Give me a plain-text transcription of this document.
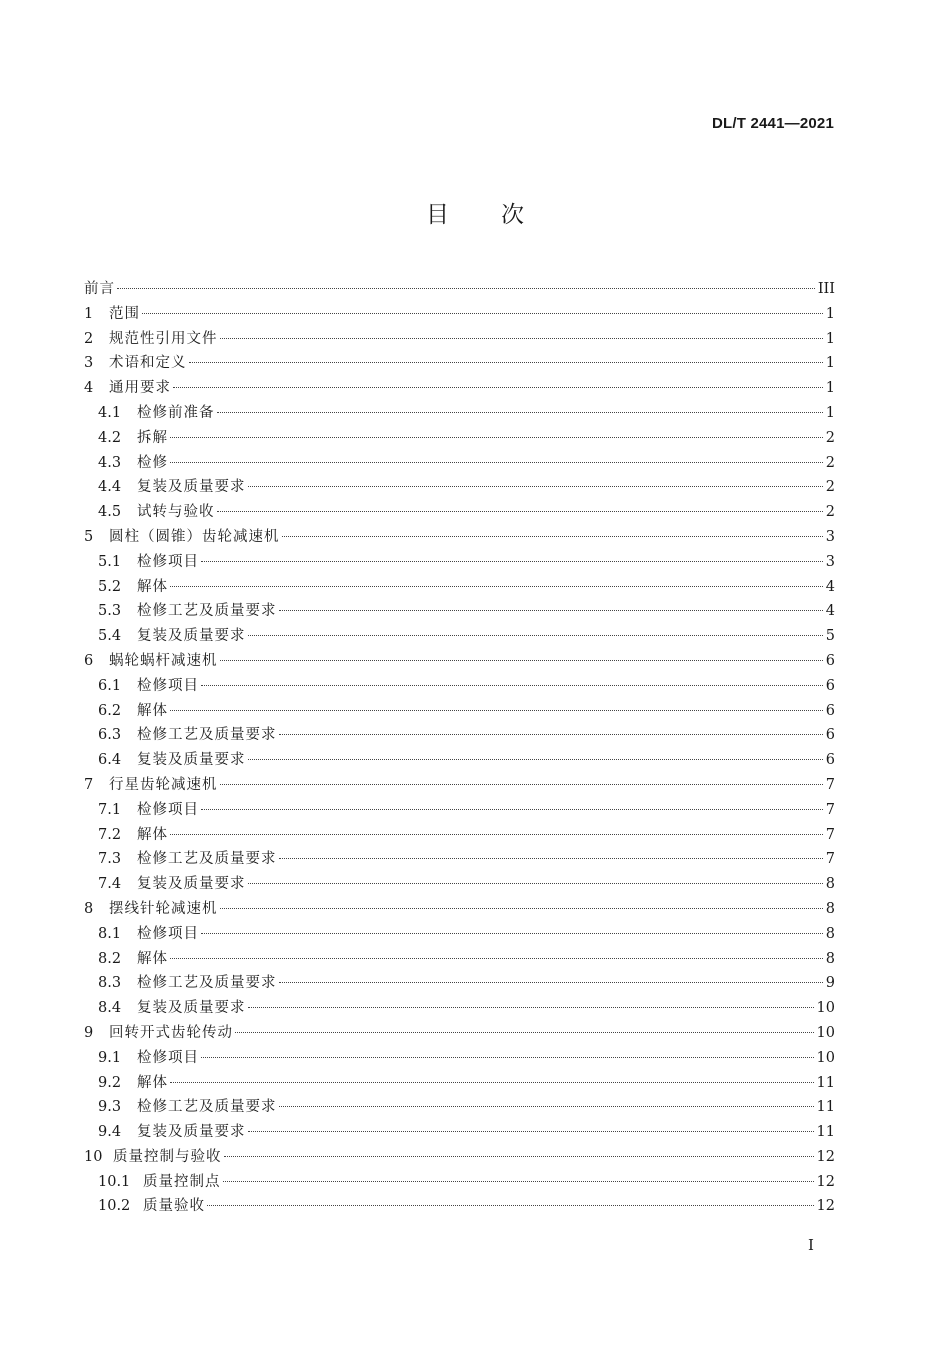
DL/T 2441—2021
目 次
前言	III
1	范围	1
2	规范性引用文件	1
3	术语和定义	1
4	通用要求	1
4.1	检修前准备	1
4.2	拆解	2
4.3	检修	2
4.4	复装及质量要求	2
4.5	试转与验收	2
5	圆柱（圆锥）齿轮减速机	3
5.1	检修项目	3
5.2	解体	4
5.3	检修工艺及质量要求	4
5.4	复装及质量要求	5
6	蜗轮蜗杆减速机	6
6.1	检修项目	6
6.2	解体	6
6.3	检修工艺及质量要求	6
6.4	复装及质量要求	6
7	行星齿轮减速机	7
7.1	检修项目	7
7.2	解体	7
7.3	检修工艺及质量要求	7
7.4	复装及质量要求	8
8	摆线针轮减速机	8
8.1	检修项目	8
8.2	解体	8
8.3	检修工艺及质量要求	9
8.4	复装及质量要求	10
9	回转开式齿轮传动	10
9.1	检修项目	10
9.2	解体	11
9.3	检修工艺及质量要求	11
9.4	复装及质量要求	11
10 质量控制与验收	12
10.1 质量控制点	12
10.2 质量验收	12
I
